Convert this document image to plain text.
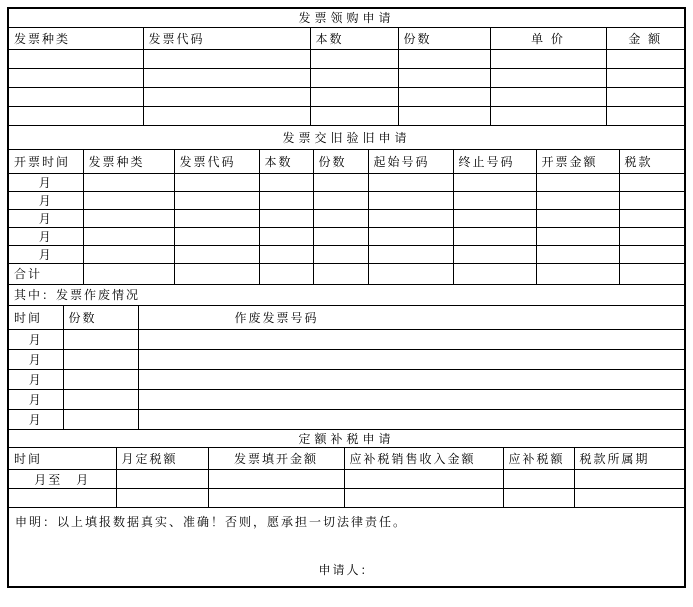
发票领购申请					
发票种类	发票代码	本数	份数	单 价	金 额

发票交旧验旧申请								
开票时间	发票种类	发票代码	本数	份数	起始号码	终止号码	开票金额	税款
月								
月								
月								
月								
月								
合计								
其中：发票作废情况		
时间	份数	作废发票号码
月		
月		
月		
月		
月		
定额补税申请					
时间	月定税额	发票填开金额	应补税销售收入金额	应补税额	税款所属期
月至　月					

申明：以上填报数据真实、准确！否则，愿承担一切法律责任。
申请人：
